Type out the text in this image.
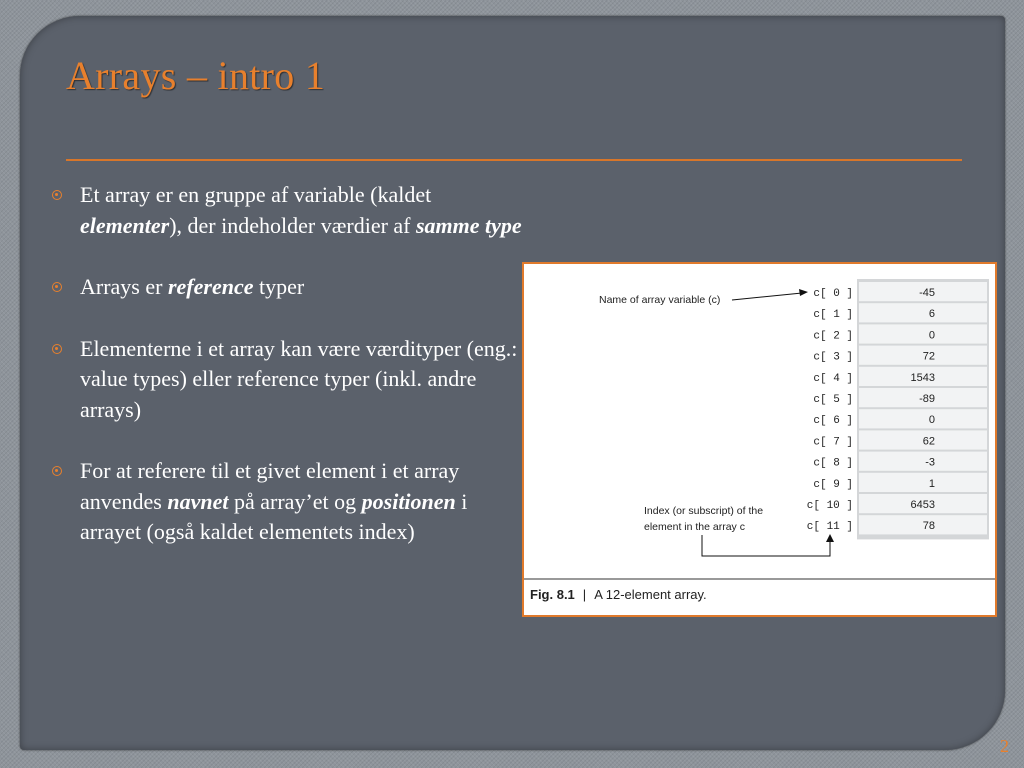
Arrays – intro 1
Et array er en gruppe af variable (kaldet elementer), der indeholder værdier af samme type
Arrays er reference typer
Elementerne i et array kan være værdityper (eng.: value types) eller reference typer (inkl. andre arrays)
For at referere til et givet element i et array anvendes navnet på array’et og positionen i arrayet (også kaldet elementets index)
-45
c[ 0 ]
6
c[ 1 ]
0
c[ 2 ]
72
c[ 3 ]
1543
c[ 4 ]
-89
c[ 5 ]
0
c[ 6 ]
62
c[ 7 ]
-3
c[ 8 ]
1
c[ 9 ]
6453
c[ 10 ]
78
c[ 11 ]
Name of array variable (c)
Index (or subscript) of the
element in the array c
Fig. 8.1 | A 12-element array.
2
